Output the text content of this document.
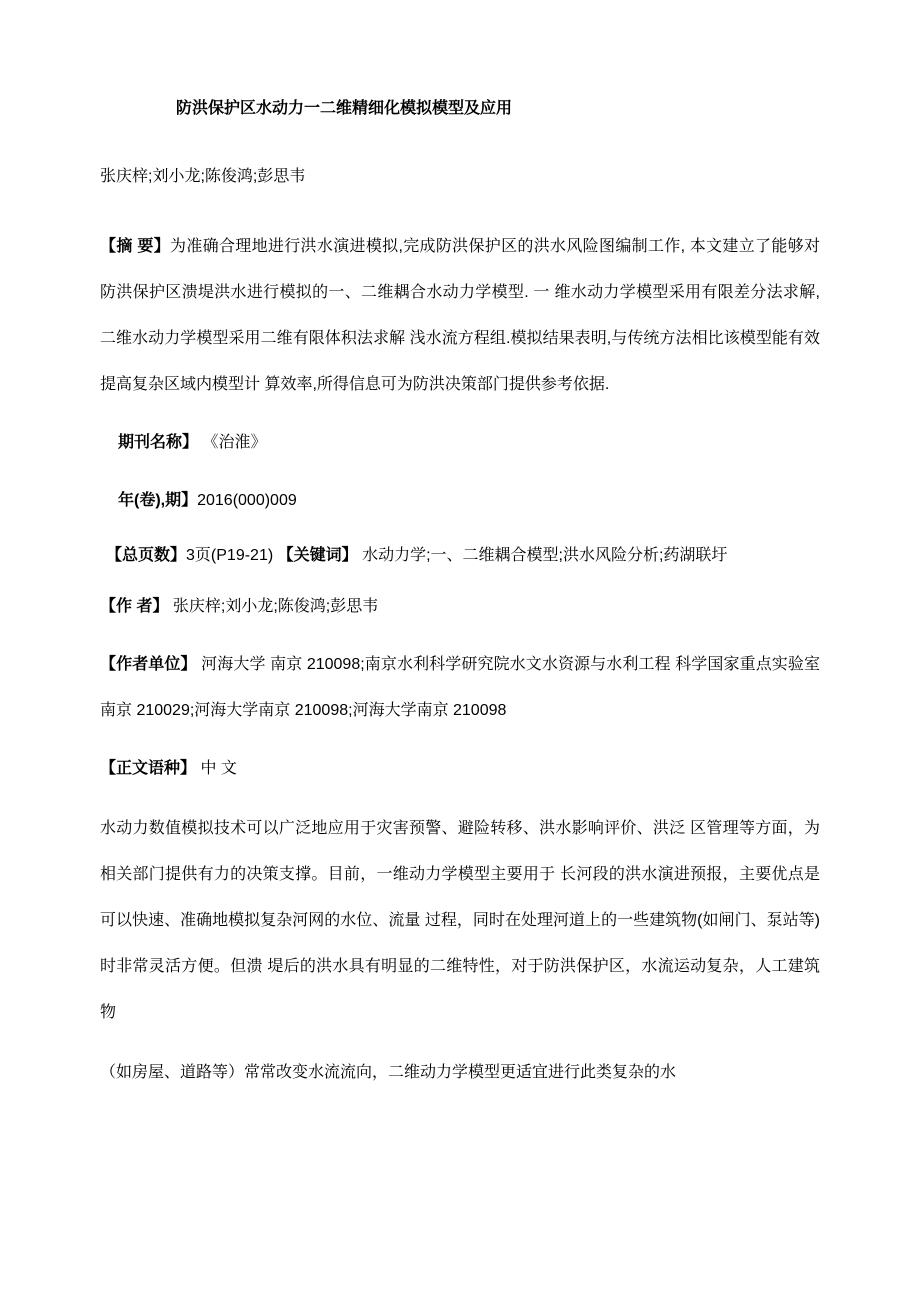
防洪保护区水动力一二维精细化模拟模型及应用

张庆梓;刘小龙;陈俊鸿;彭思韦

【摘 要】为准确合理地进行洪水演进模拟,完成防洪保护区的洪水风险图编制工作, 本文建立了能够对防洪保护区溃堤洪水进行模拟的一、二维耦合水动力学模型. 一 维水动力学模型采用有限差分法求解,二维水动力学模型采用二维有限体积法求解 浅水流方程组.模拟结果表明,与传统方法相比该模型能有效提高复杂区域内模型计 算效率,所得信息可为防洪决策部门提供参考依据.

期刊名称】 《治淮》

年(卷),期】2016(000)009

【总页数】3页(P19-21) 【关键词】 水动力学;一、二维耦合模型;洪水风险分析;药湖联圩

【作 者】 张庆梓;刘小龙;陈俊鸿;彭思韦

【作者单位】 河海大学 南京 210098;南京水利科学研究院水文水资源与水利工程 科学国家重点实验室南京 210029;河海大学南京 210098;河海大学南京 210098

【正文语种】 中 文

水动力数值模拟技术可以广泛地应用于灾害预警、避险转移、洪水影响评价、洪泛 区管理等方面，为相关部门提供有力的决策支撑。目前，一维动力学模型主要用于 长河段的洪水演进预报，主要优点是可以快速、准确地模拟复杂河网的水位、流量 过程，同时在处理河道上的一些建筑物(如闸门、泵站等)时非常灵活方便。但溃 堤后的洪水具有明显的二维特性，对于防洪保护区，水流运动复杂，人工建筑物

（如房屋、道路等）常常改变水流流向，二维动力学模型更适宜进行此类复杂的水
